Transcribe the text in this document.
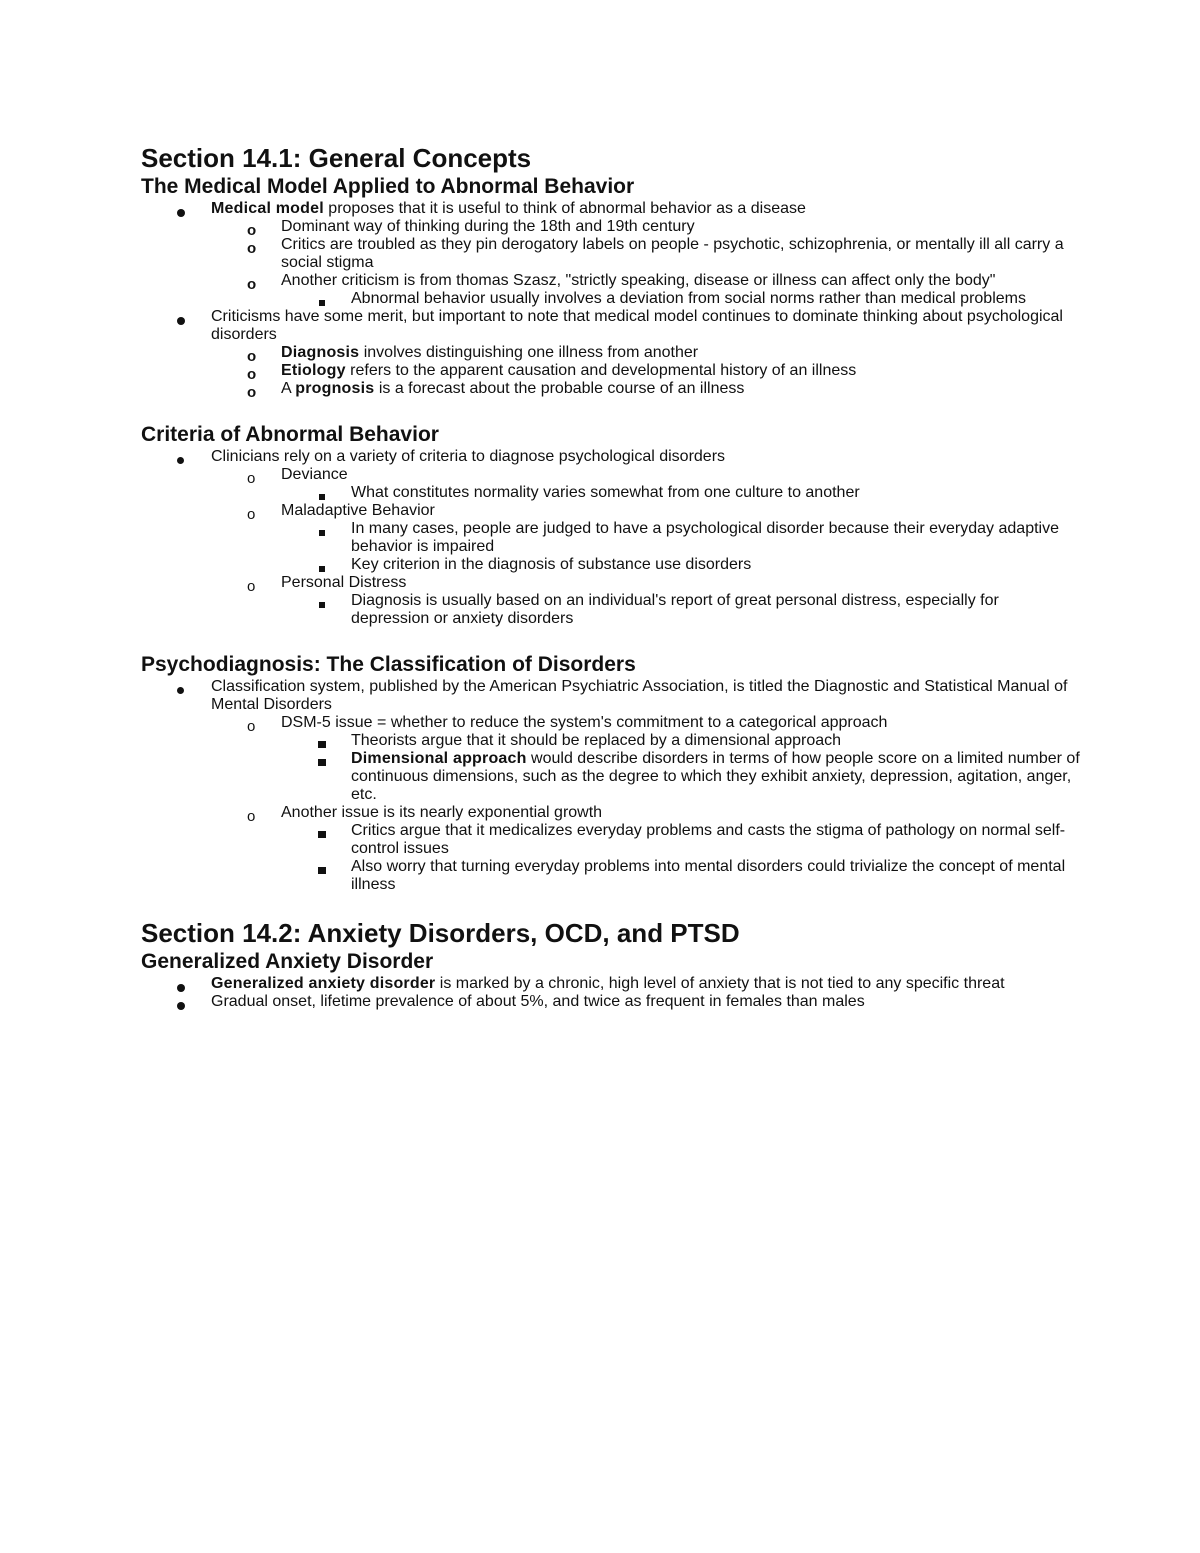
Section 14.1: General Concepts
The Medical Model Applied to Abnormal Behavior
Medical model proposes that it is useful to think of abnormal behavior as a disease
o Dominant way of thinking during the 18th and 19th century
o Critics are troubled as they pin derogatory labels on people - psychotic, schizophrenia, or mentally ill all carry a social stigma
o Another criticism is from thomas Szasz, "strictly speaking, disease or illness can affect only the body"
Abnormal behavior usually involves a deviation from social norms rather than medical problems
Criticisms have some merit, but important to note that medical model continues to dominate thinking about psychological disorders
o Diagnosis involves distinguishing one illness from another
o Etiology refers to the apparent causation and developmental history of an illness
o A prognosis is a forecast about the probable course of an illness
Criteria of Abnormal Behavior
Clinicians rely on a variety of criteria to diagnose psychological disorders
o Deviance
What constitutes normality varies somewhat from one culture to another
o Maladaptive Behavior
In many cases, people are judged to have a psychological disorder because their everyday adaptive behavior is impaired
Key criterion in the diagnosis of substance use disorders
o Personal Distress
Diagnosis is usually based on an individual's report of great personal distress, especially for depression or anxiety disorders
Psychodiagnosis: The Classification of Disorders
Classification system, published by the American Psychiatric Association, is titled the Diagnostic and Statistical Manual of Mental Disorders
o DSM-5 issue = whether to reduce the system's commitment to a categorical approach
Theorists argue that it should be replaced by a dimensional approach
Dimensional approach would describe disorders in terms of how people score on a limited number of continuous dimensions, such as the degree to which they exhibit anxiety, depression, agitation, anger, etc.
o Another issue is its nearly exponential growth
Critics argue that it medicalizes everyday problems and casts the stigma of pathology on normal self-control issues
Also worry that turning everyday problems into mental disorders could trivialize the concept of mental illness
Section 14.2: Anxiety Disorders, OCD, and PTSD
Generalized Anxiety Disorder
Generalized anxiety disorder is marked by a chronic, high level of anxiety that is not tied to any specific threat
Gradual onset, lifetime prevalence of about 5%, and twice as frequent in females than males
